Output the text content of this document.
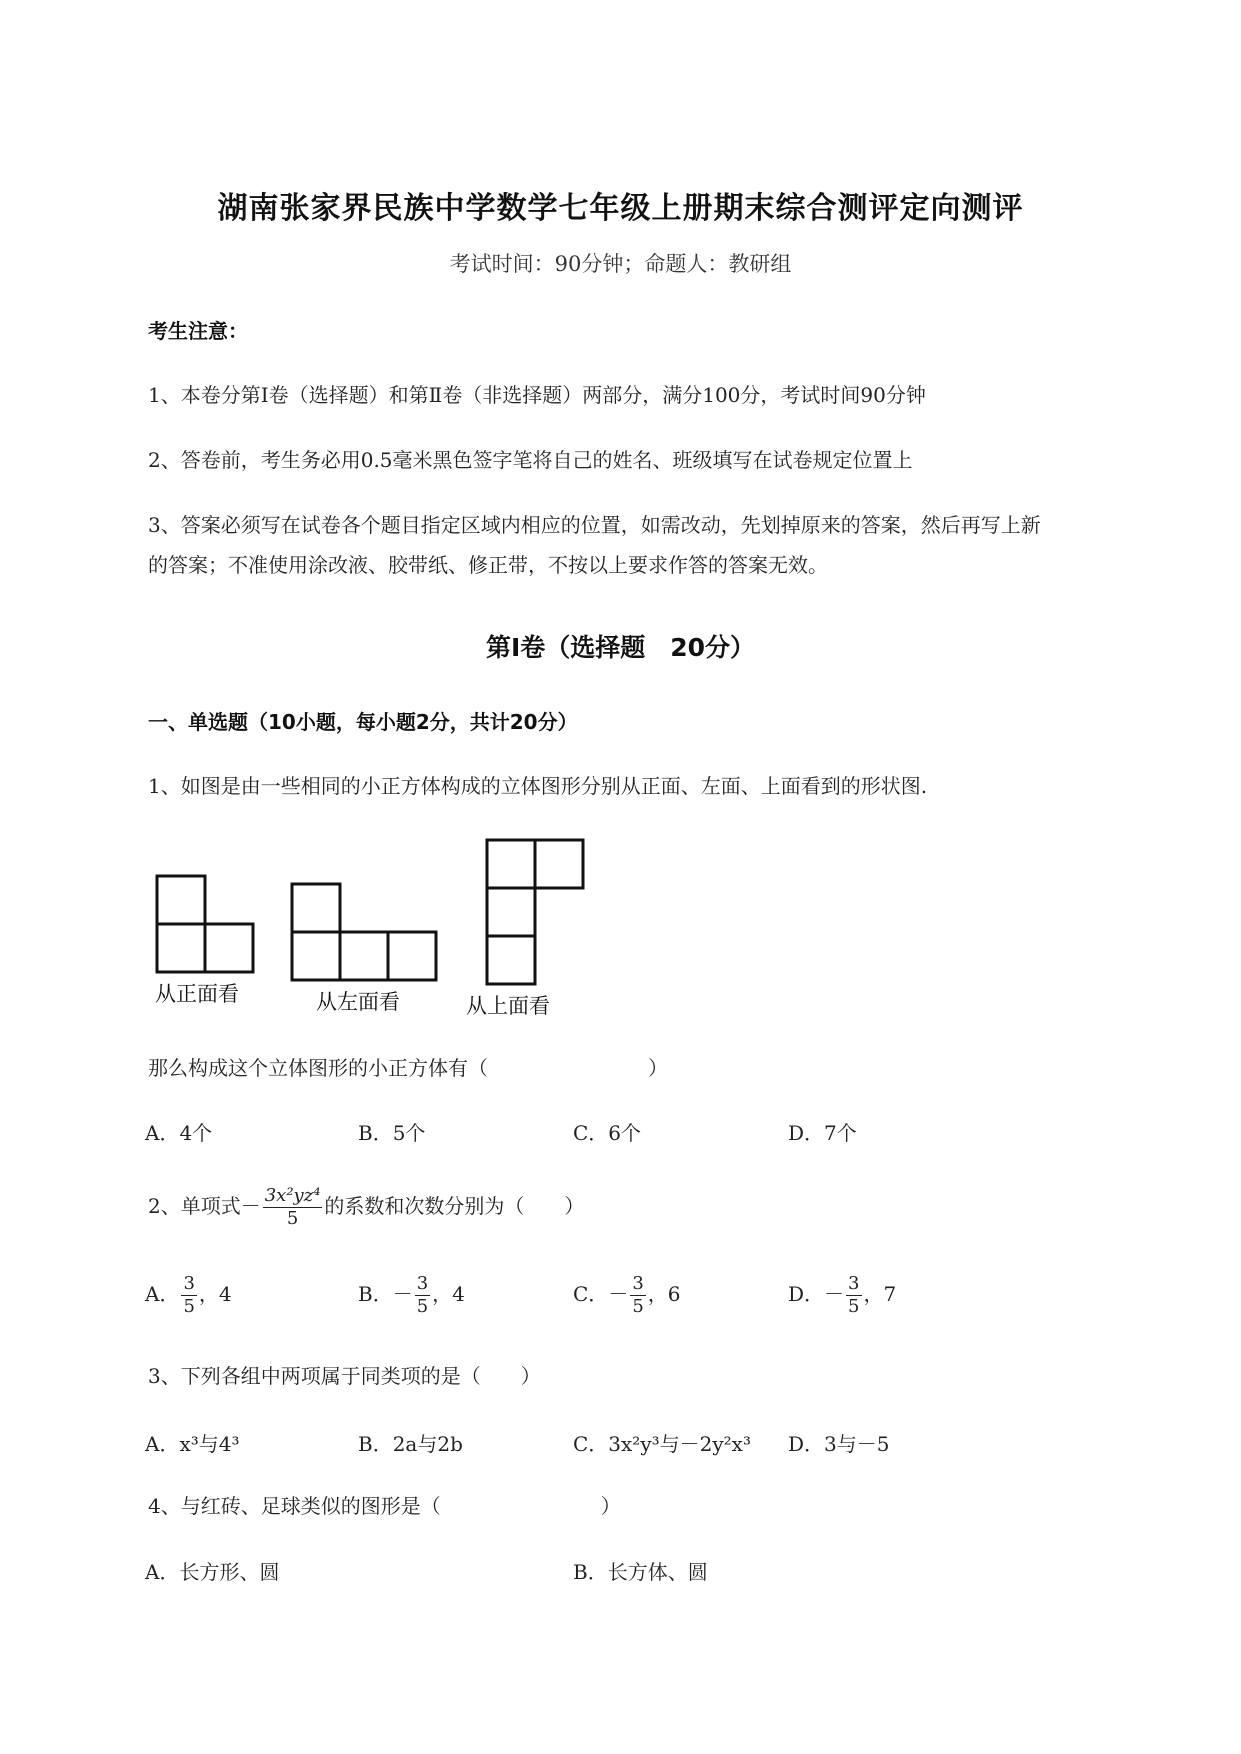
湖南张家界民族中学数学七年级上册期末综合测评定向测评
考试时间：90分钟；命题人：教研组
考生注意：
1、本卷分第I卷（选择题）和第Ⅱ卷（非选择题）两部分，满分100分，考试时间90分钟
2、答卷前，考生务必用0.5毫米黑色签字笔将自己的姓名、班级填写在试卷规定位置上
3、答案必须写在试卷各个题目指定区域内相应的位置，如需改动，先划掉原来的答案，然后再写上新
的答案；不准使用涂改液、胶带纸、修正带，不按以上要求作答的答案无效。
第I卷（选择题　20分）
一、单选题（10小题，每小题2分，共计20分）
1、如图是由一些相同的小正方体构成的立体图形分别从正面、左面、上面看到的形状图.
从正面看	从左面看	从上面看
那么构成这个立体图形的小正方体有（　　　　　　　　）
A．4个	B．5个	C．6个	D．7个
2、单项式－ $\frac{\text{3x²yz⁴}}{5}$ 的系数和次数分别为（　　）
A． $\frac{3}{5}$ ，4	B．－ $\frac{3}{5}$ ，4	C．－ $\frac{3}{5}$ ，6	D．－ $\frac{3}{5}$ ，7
3、下列各组中两项属于同类项的是（　　）
A．x³与4³	B．2a与2b	C．3x²y³与－2y²x³ D．3与－5
4、与红砖、足球类似的图形是（　　　　　　　　）
A．长方形、圆	B．长方体、圆
